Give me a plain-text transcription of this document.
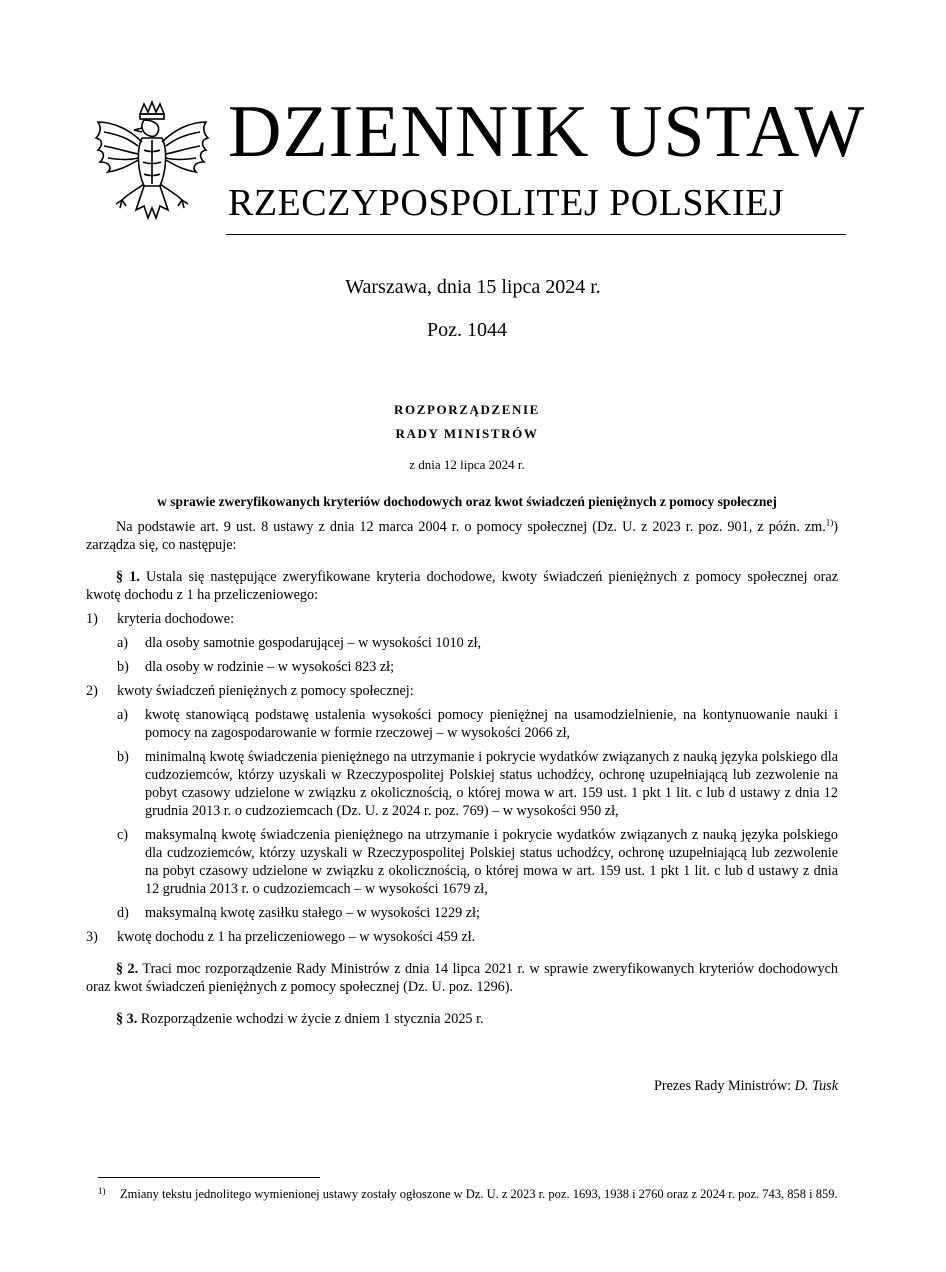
DZIENNIK USTAW
RZECZYPOSPOLITEJ POLSKIEJ
Warszawa, dnia 15 lipca 2024 r.
Poz. 1044
ROZPORZĄDZENIE
RADY MINISTRÓW
z dnia 12 lipca 2024 r.
w sprawie zweryfikowanych kryteriów dochodowych oraz kwot świadczeń pieniężnych z pomocy społecznej

Na podstawie art. 9 ust. 8 ustawy z dnia 12 marca 2004 r. o pomocy społecznej (Dz. U. z 2023 r. poz. 901, z późn. zm.$^{1)}$) zarządza się, co następuje:

§ 1. Ustala się następujące zweryfikowane kryteria dochodowe, kwoty świadczeń pieniężnych z pomocy społecznej oraz kwotę dochodu z 1 ha przeliczeniowego:

1) kryteria dochodowe:
a) dla osoby samotnie gospodarującej – w wysokości 1010 zł,
b) dla osoby w rodzinie – w wysokości 823 zł;
2) kwoty świadczeń pieniężnych z pomocy społecznej:
a) kwotę stanowiącą podstawę ustalenia wysokości pomocy pieniężnej na usamodzielnienie, na kontynuowanie nauki i pomocy na zagospodarowanie w formie rzeczowej – w wysokości 2066 zł,
b) minimalną kwotę świadczenia pieniężnego na utrzymanie i pokrycie wydatków związanych z nauką języka polskiego dla cudzoziemców, którzy uzyskali w Rzeczypospolitej Polskiej status uchodźcy, ochronę uzupełniającą lub zezwolenie na pobyt czasowy udzielone w związku z okolicznością, o której mowa w art. 159 ust. 1 pkt 1 lit. c lub d ustawy z dnia 12 grudnia 2013 r. o cudzoziemcach (Dz. U. z 2024 r. poz. 769) – w wysokości 950 zł,
c) maksymalną kwotę świadczenia pieniężnego na utrzymanie i pokrycie wydatków związanych z nauką języka polskiego dla cudzoziemców, którzy uzyskali w Rzeczypospolitej Polskiej status uchodźcy, ochronę uzupełniającą lub zezwolenie na pobyt czasowy udzielone w związku z okolicznością, o której mowa w art. 159 ust. 1 pkt 1 lit. c lub d ustawy z dnia 12 grudnia 2013 r. o cudzoziemcach – w wysokości 1679 zł,
d) maksymalną kwotę zasiłku stałego – w wysokości 1229 zł;
3) kwotę dochodu z 1 ha przeliczeniowego – w wysokości 459 zł.

§ 2. Traci moc rozporządzenie Rady Ministrów z dnia 14 lipca 2021 r. w sprawie zweryfikowanych kryteriów dochodowych oraz kwot świadczeń pieniężnych z pomocy społecznej (Dz. U. poz. 1296).

§ 3. Rozporządzenie wchodzi w życie z dniem 1 stycznia 2025 r.

Prezes Rady Ministrów: D. Tusk
1)	Zmiany tekstu jednolitego wymienionej ustawy zostały ogłoszone w Dz. U. z 2023 r. poz. 1693, 1938 i 2760 oraz z 2024 r. poz. 743, 858 i 859.
